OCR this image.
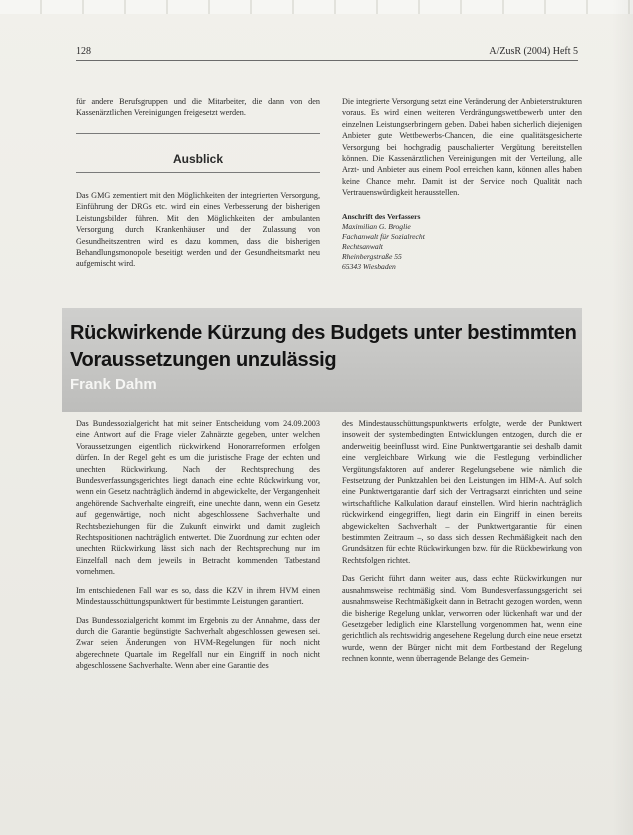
128	A/ZusR (2004) Heft 5

für andere Berufsgruppen und die Mitarbeiter, die dann von den Kassenärztlichen Vereinigungen freigesetzt werden.

Ausblick

Das GMG zementiert mit den Möglichkeiten der integrierten Versorgung, Einführung der DRGs etc. wird ein eines Verbesserung der bisherigen Leistungsbilder führen. Mit den Möglichkeiten der ambulanten Versorgung durch Krankenhäuser und der Zulassung von Gesundheitszentren wird es dazu kommen, dass die bisherigen Behandlungsmonopole beseitigt werden und der Gesundheitsmarkt neu aufgemischt wird.

Die integrierte Versorgung setzt eine Veränderung der Anbieterstrukturen voraus. Es wird einen weiteren Verdrängungswettbewerb unter den einzelnen Leistungserbringern geben. Dabei haben sicherlich diejenigen Anbieter gute Wettbewerbs-Chancen, die eine qualitätsgesicherte Versorgung bei hochgradig pauschalierter Vergütung bereitstellen können. Die Kassenärztlichen Vereinigungen mit der Verteilung, alle Arzt- und Anbieter aus einem Pool erreichen kann, können alles haben keine Chance mehr. Damit ist der Service noch Qualität nach Vertrauenswürdigkeit herausstellen.

Anschrift des Verfassers
Maximilian G. Broglie
Fachanwalt für Sozialrecht
Rechtsanwalt
Rheinbergstraße 55
65343 Wiesbaden
Rückwirkende Kürzung des Budgets unter bestimmten Voraussetzungen unzulässig
Frank Dahm

Das Bundessozialgericht hat mit seiner Entscheidung vom 24.09.2003 eine Antwort auf die Frage vieler Zahnärzte gegeben, unter welchen Voraussetzungen eigentlich rückwirkend Honorarreformen erfolgen dürfen. In der Regel geht es um die juristische Frage der echten und unechten Rückwirkung. Nach der Rechtsprechung des Bundesverfassungsgerichtes liegt danach eine echte Rückwirkung vor, wenn ein Gesetz nachträglich ändernd in abgewickelte, der Vergangenheit angehörende Sachverhalte eingreift, eine unechte dann, wenn ein Gesetz auf gegenwärtige, noch nicht abgeschlossene Sachverhalte und Rechtsbeziehungen für die Zukunft einwirkt und damit zugleich Rechtspositionen nachträglich entwertet. Die Zuordnung zur echten oder unechten Rückwirkung lässt sich nach der Rechtsprechung nur im Einzelfall nach dem jeweils in Betracht kommenden Tatbestand vornehmen.

Im entschiedenen Fall war es so, dass die KZV in ihrem HVM einen Mindestausschüttungspunktwert für bestimmte Leistungen garantiert.

Das Bundessozialgericht kommt im Ergebnis zu der Annahme, dass der durch die Garantie begünstigte Sachverhalt abgeschlossen gewesen sei. Zwar seien Änderungen von HVM-Regelungen für noch nicht abgerechnete Quartale im Regelfall nur ein Eingriff in noch nicht abgeschlossene Sachverhalte. Wenn aber eine Garantie des

des Mindestausschüttungspunktwerts erfolgte, werde der Punktwert insoweit der systembedingten Entwicklungen entzogen, durch die er anderweitig beeinflusst wird. Eine Punktwertgarantie sei deshalb damit eine vergleichbare Wirkung wie die Festlegung verbindlicher Vergütungsfaktoren auf anderer Regelungsebene wie nämlich die Festsetzung der Punktzahlen bei den Leistungen im HIM-A. Auf solch eine Punktwertgarantie darf sich der Vertragsarzt einrichten und seine wirtschaftliche Kalkulation darauf einstellen. Wird hierin nachträglich rückwirkend eingegriffen, liegt darin ein Eingriff in einen bereits abgewickelten Sachverhalt – der Punktwertgarantie für einen bestimmten Zeitraum –, so dass sich dessen Rechmäßigkeit nach den Grundsätzen für echte Rückwirkungen bzw. für die Rückbewirkung von Rechtsfolgen richtet.

Das Gericht führt dann weiter aus, dass echte Rückwirkungen nur ausnahmsweise rechtmäßig sind. Vom Bundesverfassungsgericht sei ausnahmsweise Rechtmäßigkeit dann in Betracht gezogen worden, wenn die bisherige Regelung unklar, verworren oder lückenhaft war und der Gesetzgeber lediglich eine Klarstellung vorgenommen hat, wenn eine gerichtlich als rechtswidrig angesehene Regelung durch eine neue ersetzt wurde, wenn der Bürger nicht mit dem Fortbestand der Regelung rechnen konnte, wenn überragende Belange des Gemein-
